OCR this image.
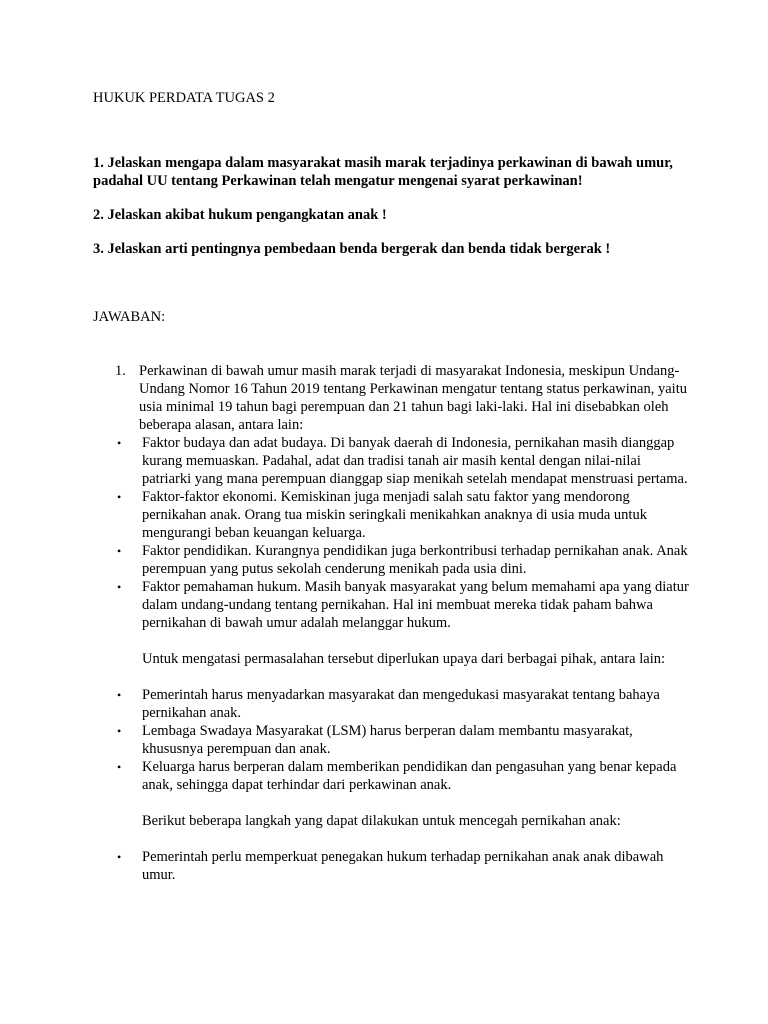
HUKUK PERDATA TUGAS 2

1. Jelaskan mengapa dalam masyarakat masih marak terjadinya perkawinan di bawah umur, padahal UU tentang Perkawinan telah mengatur mengenai syarat perkawinan!

2. Jelaskan akibat hukum pengangkatan anak !

3. Jelaskan arti pentingnya pembedaan benda bergerak dan benda tidak bergerak !

JAWABAN:

1. Perkawinan di bawah umur masih marak terjadi di masyarakat Indonesia, meskipun Undang-Undang Nomor 16 Tahun 2019 tentang Perkawinan mengatur tentang status perkawinan, yaitu usia minimal 19 tahun bagi perempuan dan 21 tahun bagi laki-laki. Hal ini disebabkan oleh beberapa alasan, antara lain:

• Faktor budaya dan adat budaya. Di banyak daerah di Indonesia, pernikahan masih dianggap kurang memuaskan. Padahal, adat dan tradisi tanah air masih kental dengan nilai-nilai patriarki yang mana perempuan dianggap siap menikah setelah mendapat menstruasi pertama.
• Faktor-faktor ekonomi. Kemiskinan juga menjadi salah satu faktor yang mendorong pernikahan anak. Orang tua miskin seringkali menikahkan anaknya di usia muda untuk mengurangi beban keuangan keluarga.
• Faktor pendidikan. Kurangnya pendidikan juga berkontribusi terhadap pernikahan anak. Anak perempuan yang putus sekolah cenderung menikah pada usia dini.
• Faktor pemahaman hukum. Masih banyak masyarakat yang belum memahami apa yang diatur dalam undang-undang tentang pernikahan. Hal ini membuat mereka tidak paham bahwa pernikahan di bawah umur adalah melanggar hukum.

Untuk mengatasi permasalahan tersebut diperlukan upaya dari berbagai pihak, antara lain:

• Pemerintah harus menyadarkan masyarakat dan mengedukasi masyarakat tentang bahaya pernikahan anak.
• Lembaga Swadaya Masyarakat (LSM) harus berperan dalam membantu masyarakat, khususnya perempuan dan anak.
• Keluarga harus berperan dalam memberikan pendidikan dan pengasuhan yang benar kepada anak, sehingga dapat terhindar dari perkawinan anak.

Berikut beberapa langkah yang dapat dilakukan untuk mencegah pernikahan anak:

• Pemerintah perlu memperkuat penegakan hukum terhadap pernikahan anak anak dibawah umur.
